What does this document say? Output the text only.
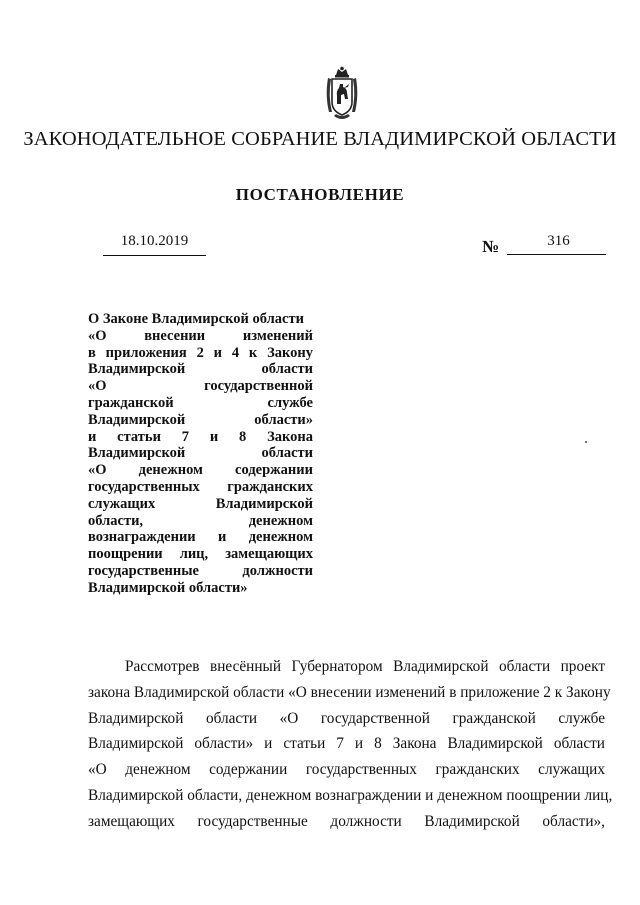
ЗАКОНОДАТЕЛЬНОЕ СОБРАНИЕ ВЛАДИМИРСКОЙ ОБЛАСТИ
ПОСТАНОВЛЕНИЕ
18.10.2019	№	316
О Законе Владимирской области
«О внесении изменений
в приложения 2 и 4 к Закону
Владимирской области
«О государственной
гражданской службе
Владимирской области»
и статьи 7 и 8 Закона
Владимирской области
«О денежном содержании
государственных гражданских
служащих Владимирской
области, денежном
вознаграждении и денежном
поощрении лиц, замещающих
государственные должности
Владимирской области»
Рассмотрев внесённый Губернатором Владимирской области проект
закона Владимирской области «О внесении изменений в приложение 2 к Закону
Владимирской области «О государственной гражданской службе
Владимирской области» и статьи 7 и 8 Закона Владимирской области
«О денежном содержании государственных гражданских служащих
Владимирской области, денежном вознаграждении и денежном поощрении лиц,
замещающих государственные должности Владимирской области»,
